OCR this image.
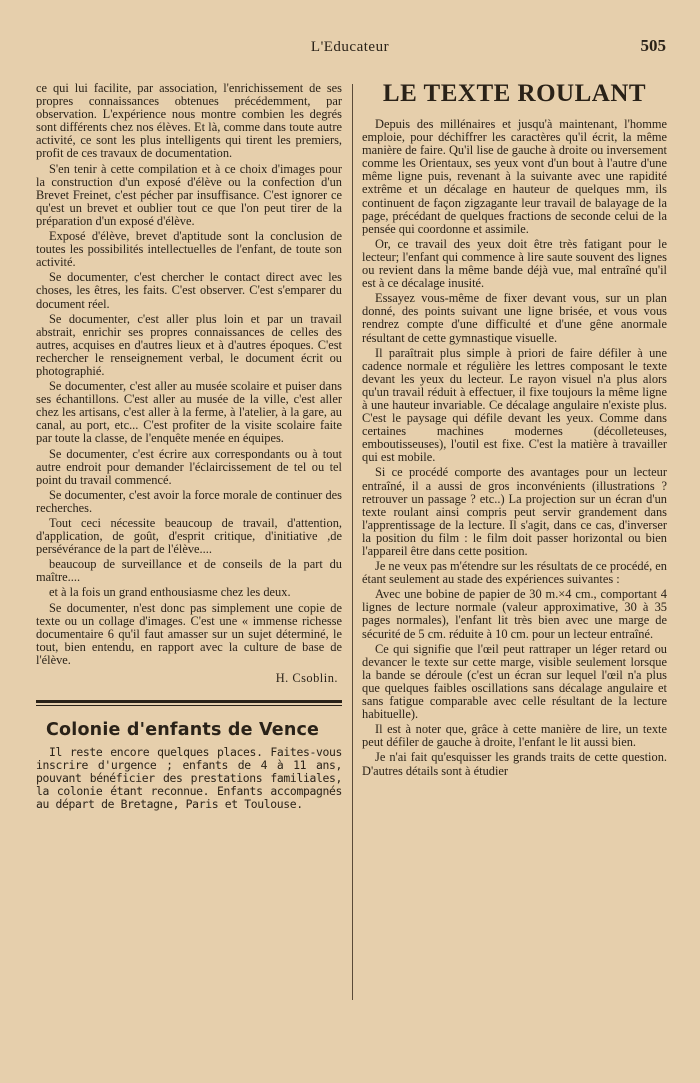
L'Educateur	505

ce qui lui facilite, par association, l'enrichissement de ses propres connaissances obtenues précédemment, par observation. L'expérience nous montre combien les degrés sont différents chez nos élèves. Et là, comme dans toute autre activité, ce sont les plus intelligents qui tirent les premiers, profit de ces travaux de documentation.

S'en tenir à cette compilation et à ce choix d'images pour la construction d'un exposé d'élève ou la confection d'un Brevet Freinet, c'est pécher par insuffisance. C'est ignorer ce qu'est un brevet et oublier tout ce que l'on peut tirer de la préparation d'un exposé d'élève.

Exposé d'élève, brevet d'aptitude sont la conclusion de toutes les possibilités intellectuelles de l'enfant, de toute son activité.

Se documenter, c'est chercher le contact direct avec les choses, les êtres, les faits. C'est observer. C'est s'emparer du document réel.

Se documenter, c'est aller plus loin et par un travail abstrait, enrichir ses propres connaissances de celles des autres, acquises en d'autres lieux et à d'autres époques. C'est rechercher le renseignement verbal, le document écrit ou photographié.

Se documenter, c'est aller au musée scolaire et puiser dans ses échantillons. C'est aller au musée de la ville, c'est aller chez les artisans, c'est aller à la ferme, à l'atelier, à la gare, au canal, au port, etc... C'est profiter de la visite scolaire faite par toute la classe, de l'enquête menée en équipes.

Se documenter, c'est écrire aux correspondants ou à tout autre endroit pour demander l'éclaircissement de tel ou tel point du travail commencé.

Se documenter, c'est avoir la force morale de continuer des recherches.

Tout ceci nécessite beaucoup de travail, d'attention, d'application, de goût, d'esprit critique, d'initiative ,de persévérance de la part de l'élève....

beaucoup de surveillance et de conseils de la part du maître....

et à la fois un grand enthousiasme chez les deux.

Se documenter, n'est donc pas simplement une copie de texte ou un collage d'images. C'est une « immense richesse documentaire 6 qu'il faut amasser sur un sujet déterminé, le tout, bien entendu, en rapport avec la culture de base de l'élève.

H. Csoblin.
Colonie d'enfants de Vence

Il reste encore quelques places. Faites-vous inscrire d'urgence ; enfants de 4 à 11 ans, pouvant bénéficier des prestations familiales, la colonie étant reconnue. Enfants accompagnés au départ de Bretagne, Paris et Toulouse.

LE TEXTE ROULANT

Depuis des millénaires et jusqu'à maintenant, l'homme emploie, pour déchiffrer les caractères qu'il écrit, la même manière de faire. Qu'il lise de gauche à droite ou inversement comme les Orientaux, ses yeux vont d'un bout à l'autre d'une même ligne puis, revenant à la suivante avec une rapidité extrême et un décalage en hauteur de quelques mm, ils continuent de façon zigzagante leur travail de balayage de la page, précédant de quelques fractions de seconde celui de la pensée qui coordonne et assimile.

Or, ce travail des yeux doit être très fatigant pour le lecteur; l'enfant qui commence à lire saute souvent des lignes ou revient dans la même bande déjà vue, mal entraîné qu'il est à ce décalage inusité.

Essayez vous-même de fixer devant vous, sur un plan donné, des points suivant une ligne brisée, et vous vous rendrez compte d'une difficulté et d'une gêne anormale résultant de cette gymnastique visuelle.

Il paraîtrait plus simple à priori de faire défiler à une cadence normale et régulière les lettres composant le texte devant les yeux du lecteur. Le rayon visuel n'a plus alors qu'un travail réduit à effectuer, il fixe toujours la même ligne à une hauteur invariable. Ce décalage angulaire n'existe plus. C'est le paysage qui défile devant les yeux. Comme dans certaines machines modernes (décolleteuses, emboutisseuses), l'outil est fixe. C'est la matière à travailler qui est mobile.

Si ce procédé comporte des avantages pour un lecteur entraîné, il a aussi de gros inconvénients (illustrations ? retrouver un passage ? etc..) La projection sur un écran d'un texte roulant ainsi compris peut servir grandement dans l'apprentissage de la lecture. Il s'agit, dans ce cas, d'inverser la position du film : le film doit passer horizontal ou bien l'appareil être dans cette position.

Je ne veux pas m'étendre sur les résultats de ce procédé, en étant seulement au stade des expériences suivantes :

Avec une bobine de papier de 30 m.×4 cm., comportant 4 lignes de lecture normale (valeur approximative, 30 à 35 pages normales), l'enfant lit très bien avec une marge de sécurité de 5 cm. réduite à 10 cm. pour un lecteur entraîné.

Ce qui signifie que l'œil peut rattraper un léger retard ou devancer le texte sur cette marge, visible seulement lorsque la bande se déroule (c'est un écran sur lequel l'œil n'a plus que quelques faibles oscillations sans décalage angulaire et sans fatigue comparable avec celle résultant de la lecture habituelle).

Il est à noter que, grâce à cette manière de lire, un texte peut défiler de gauche à droite, l'enfant le lit aussi bien.

Je n'ai fait qu'esquisser les grands traits de cette question. D'autres détails sont à étudier
